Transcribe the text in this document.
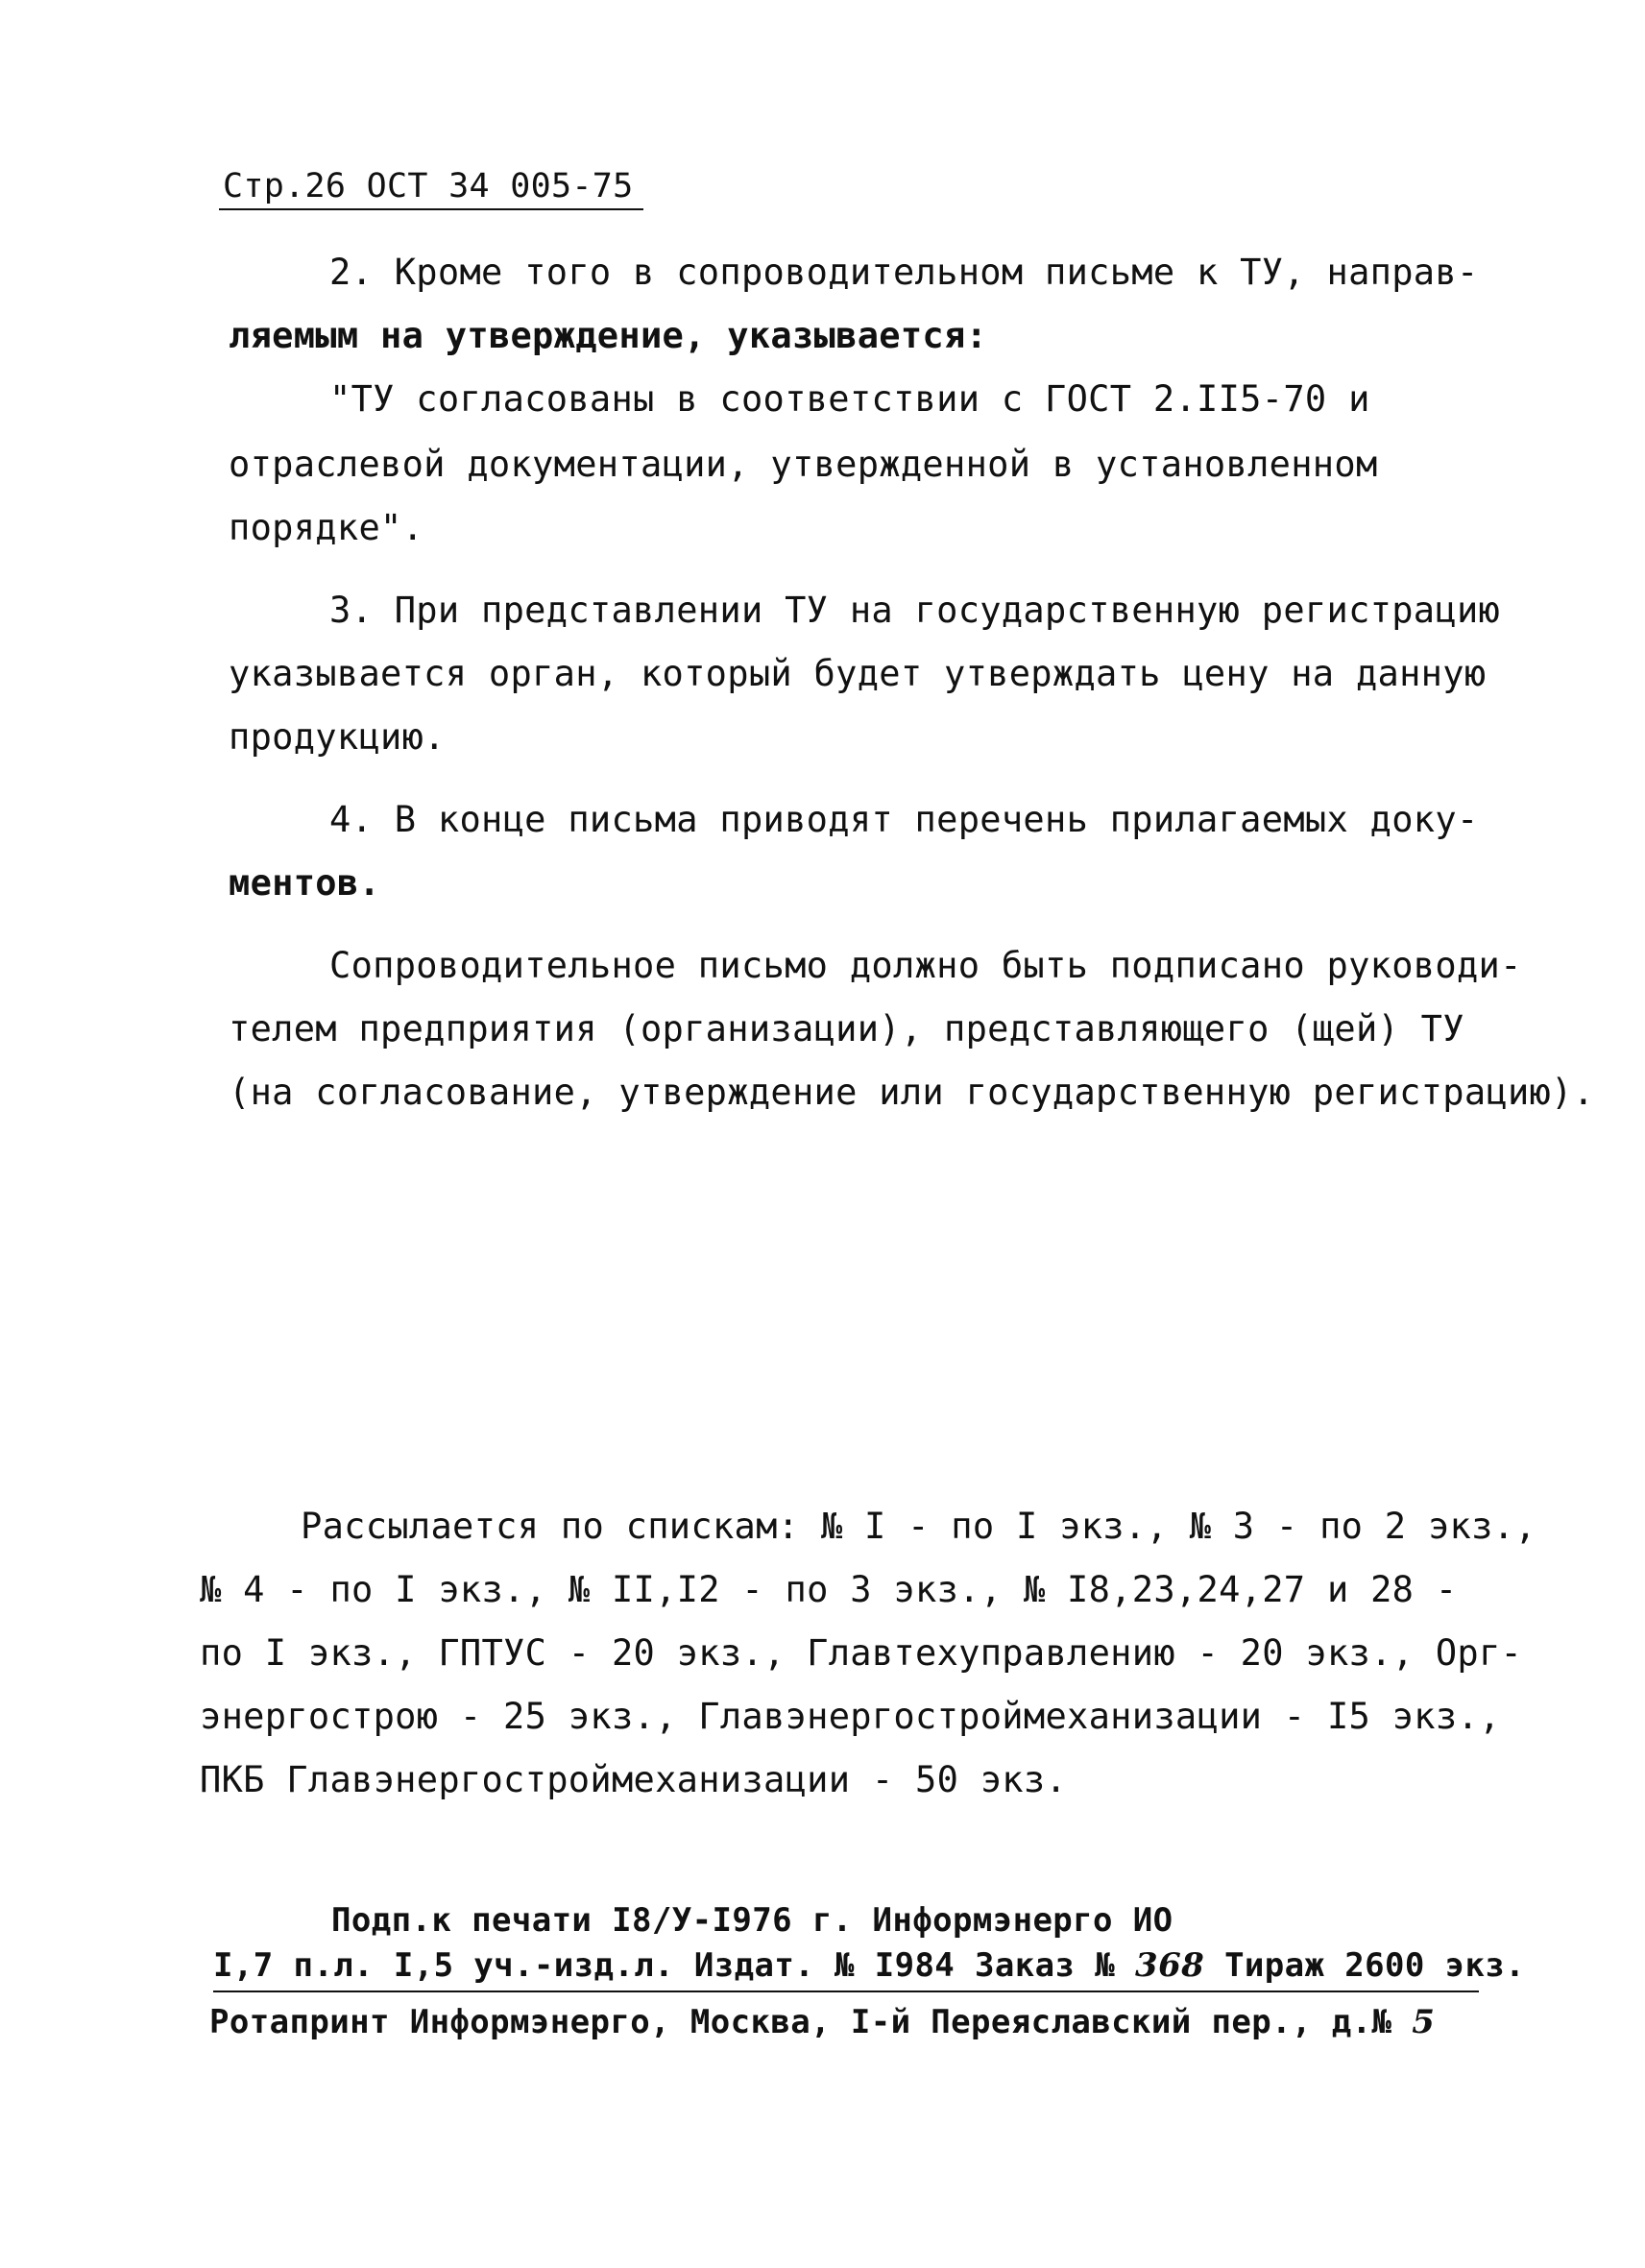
Стр.26 ОСТ 34 005-75
2. Кроме того в сопроводительном письме к ТУ, направ-
ляемым на утверждение, указывается:
"ТУ согласованы в соответствии с ГОСТ 2.II5-70 и
отраслевой документации, утвержденной в установленном
порядке".
3. При представлении ТУ на государственную регистрацию
указывается орган, который будет утверждать цену на данную
продукцию.
4. В конце письма приводят перечень прилагаемых доку-
ментов.
Сопроводительное письмо должно быть подписано руководи-
телем предприятия (организации), представляющего (щей) ТУ
(на согласование, утверждение или государственную регистрацию).
Рассылается по спискам: № I - по I экз., № 3 - по 2 экз.,
№ 4 - по I экз., № II,I2 - по 3 экз., № I8,23,24,27 и 28 -
по I экз., ГПТУС - 20 экз., Главтехуправлению - 20 экз., Орг-
энергострою - 25 экз., Главэнергостроймеханизации - I5 экз.,
ПКБ Главэнергостроймеханизации - 50 экз.
Подп.к печати I8/У-I976 г. Информэнерго ИО
I,7 п.л. I,5 уч.-изд.л. Издат. № I984 Заказ № 368 Тираж 2600 экз.
Ротапринт Информэнерго, Москва, I-й Переяславский пер., д.№ 5
